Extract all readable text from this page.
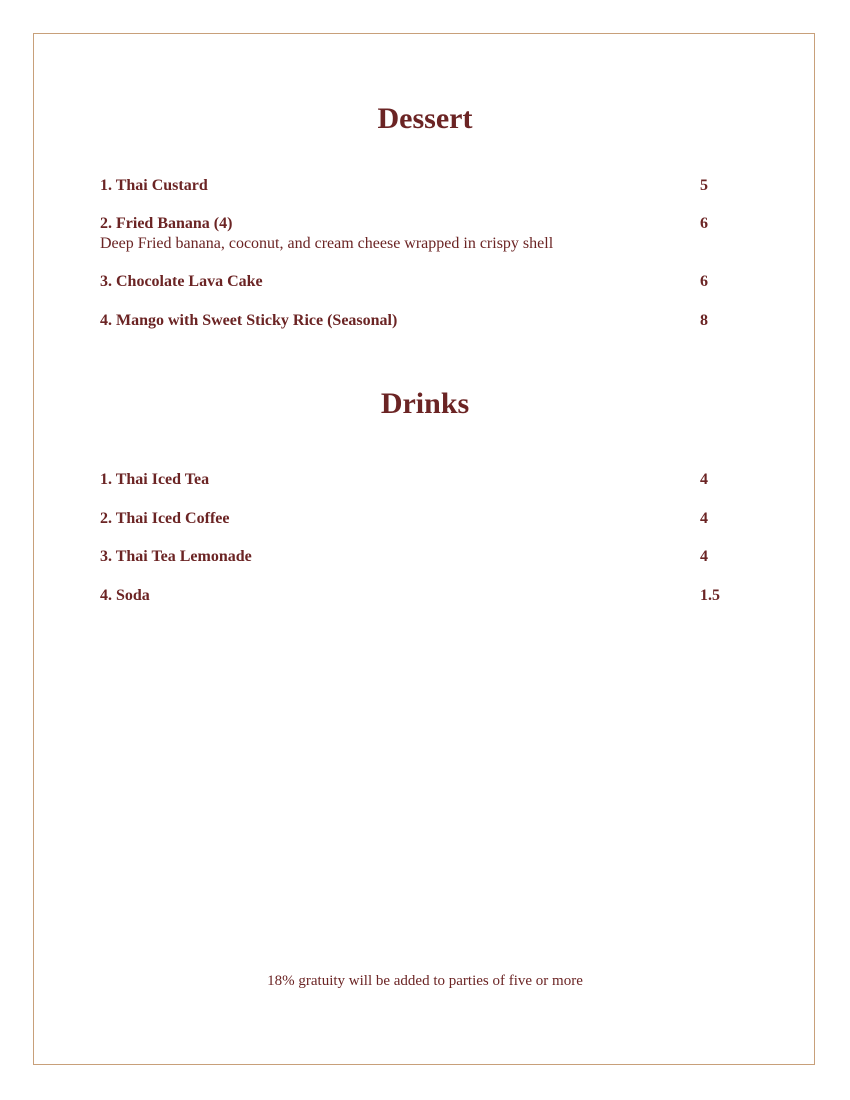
Dessert
1. Thai Custard	5
2. Fried Banana (4)	6
Deep Fried banana, coconut, and cream cheese wrapped in crispy shell
3. Chocolate Lava Cake	6
4. Mango with Sweet Sticky Rice (Seasonal)	8
Drinks
1. Thai Iced Tea	4
2. Thai Iced Coffee	4
3. Thai Tea Lemonade	4
4. Soda	1.5
18% gratuity will be added to parties of five or more
